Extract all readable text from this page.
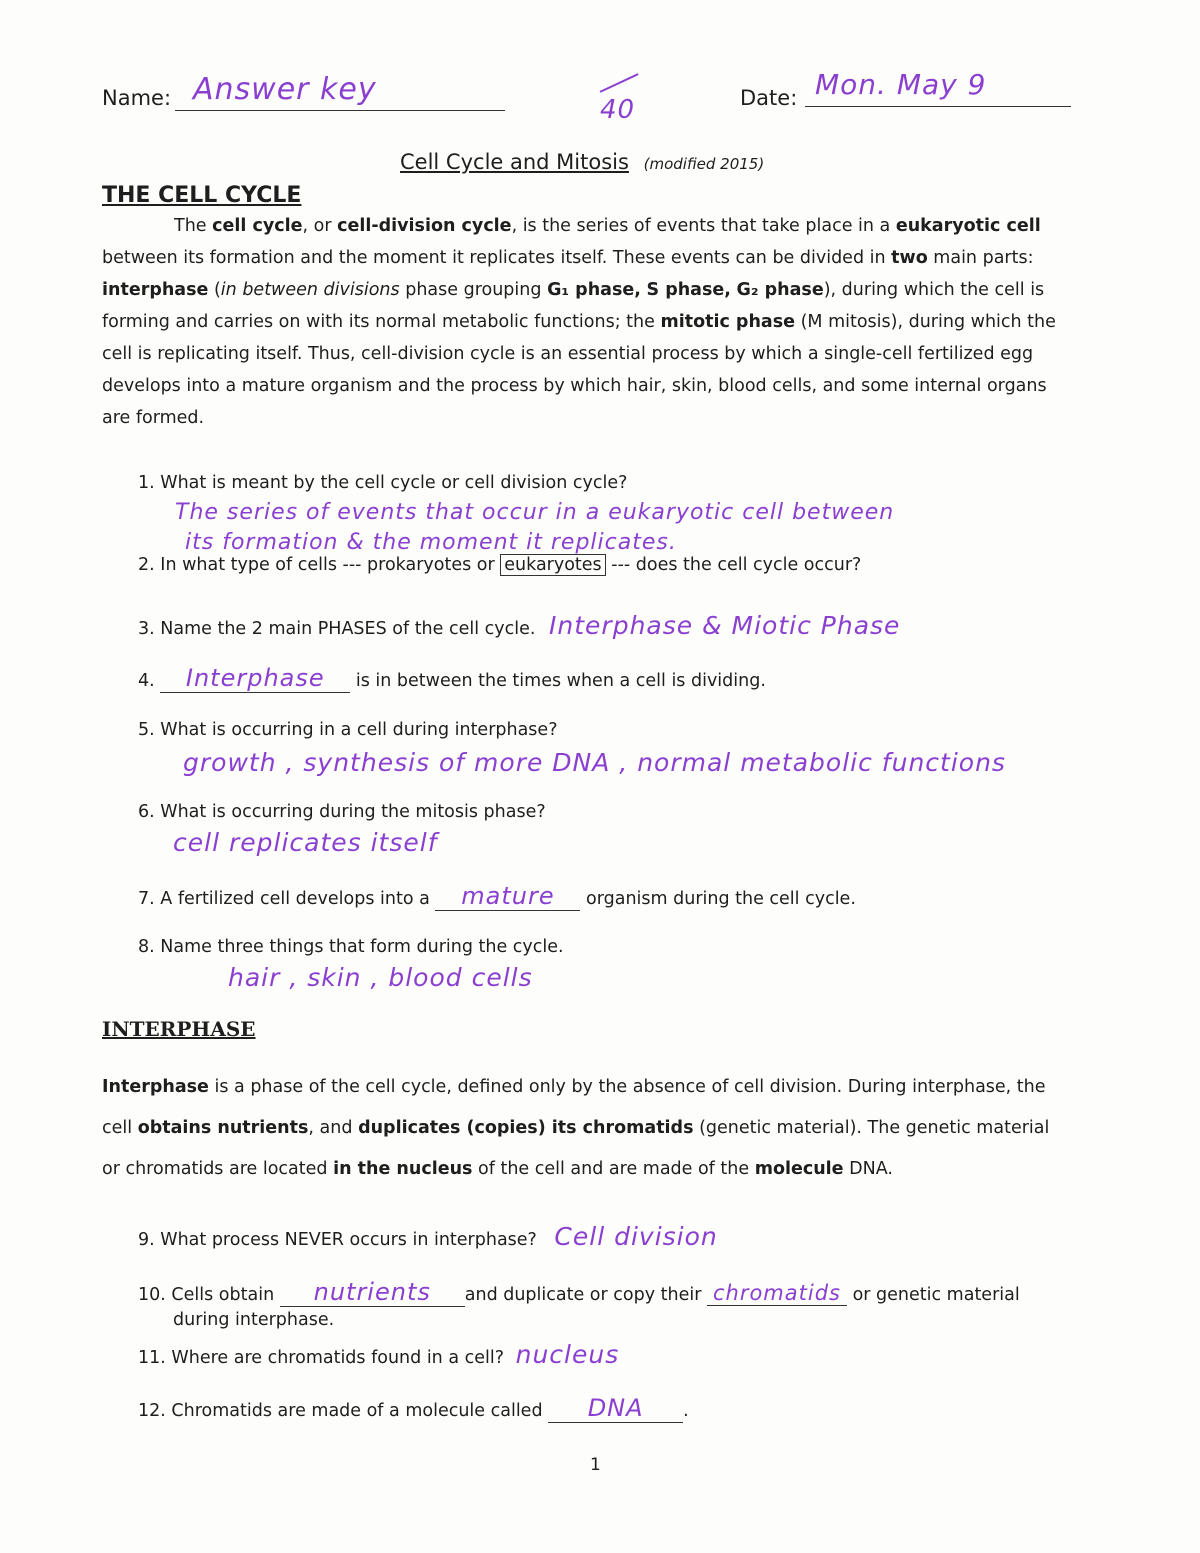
Name: Answer key
40	Date: Mon. May 9
Cell Cycle and Mitosis (modified 2015)
THE CELL CYCLE
The cell cycle, or cell-division cycle, is the series of events that take place in a eukaryotic cell between its formation and the moment it replicates itself. These events can be divided in two main parts: interphase (in between divisions phase grouping G₁ phase, S phase, G₂ phase), during which the cell is forming and carries on with its normal metabolic functions; the mitotic phase (M mitosis), during which the cell is replicating itself. Thus, cell-division cycle is an essential process by which a single-cell fertilized egg develops into a mature organism and the process by which hair, skin, blood cells, and some internal organs are formed.
1. What is meant by the cell cycle or cell division cycle?
The series of events that occur in a eukaryotic cell between
its formation & the moment it replicates.
2. In what type of cells --- prokaryotes or eukaryotes --- does the cell cycle occur?
3. Name the 2 main PHASES of the cell cycle. Interphase & Miotic Phase
4. Interphase is in between the times when a cell is dividing.
5. What is occurring in a cell during interphase?
growth , synthesis of more DNA , normal metabolic functions
6. What is occurring during the mitosis phase?
cell replicates itself
7. A fertilized cell develops into a mature organism during the cell cycle.
8. Name three things that form during the cycle.
hair , skin , blood cells
INTERPHASE
Interphase is a phase of the cell cycle, defined only by the absence of cell division. During interphase, the cell obtains nutrients, and duplicates (copies) its chromatids (genetic material). The genetic material or chromatids are located in the nucleus of the cell and are made of the molecule DNA.
9. What process NEVER occurs in interphase? Cell division
10. Cells obtain nutrients and duplicate or copy their chromatids or genetic material
during interphase.
11. Where are chromatids found in a cell? nucleus
12. Chromatids are made of a molecule called DNA .
1
